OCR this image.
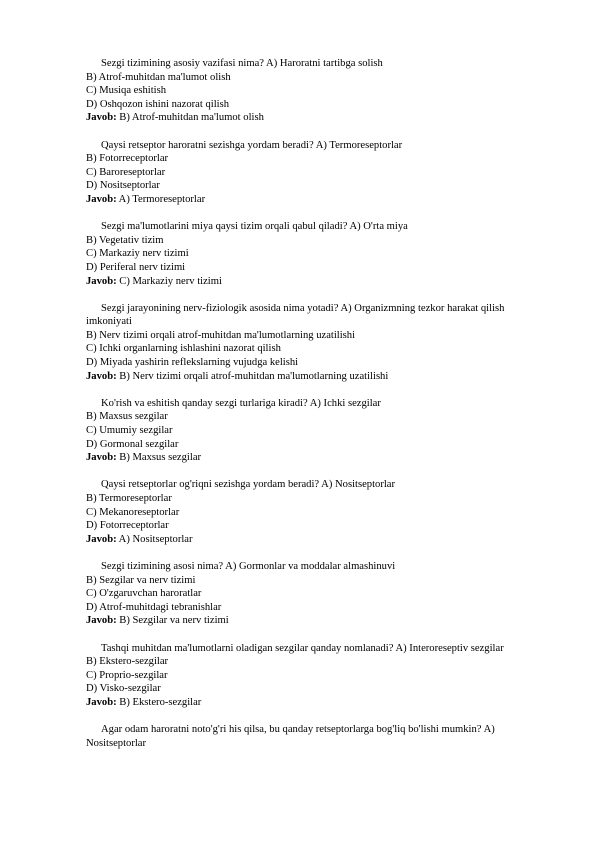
Sezgi tizimining asosiy vazifasi nima? A) Haroratni tartibga solish

B) Atrof-muhitdan ma'lumot olish

C) Musiqa eshitish

D) Oshqozon ishini nazorat qilish

Javob: B) Atrof-muhitdan ma'lumot olish

Qaysi retseptor haroratni sezishga yordam beradi? A) Termoreseptorlar

B) Fotorreceptorlar

C) Baroreseptorlar

D) Nositseptorlar

Javob: A) Termoreseptorlar

Sezgi ma'lumotlarini miya qaysi tizim orqali qabul qiladi? A) O'rta miya

B) Vegetativ tizim

C) Markaziy nerv tizimi

D) Periferal nerv tizimi

Javob: C) Markaziy nerv tizimi

Sezgi jarayonining nerv-fiziologik asosida nima yotadi? A) Organizmning tezkor harakat qilish imkoniyati

B) Nerv tizimi orqali atrof-muhitdan ma'lumotlarning uzatilishi

C) Ichki organlarning ishlashini nazorat qilish

D) Miyada yashirin reflekslarning vujudga kelishi

Javob: B) Nerv tizimi orqali atrof-muhitdan ma'lumotlarning uzatilishi

Ko'rish va eshitish qanday sezgi turlariga kiradi? A) Ichki sezgilar

B) Maxsus sezgilar

C) Umumiy sezgilar

D) Gormonal sezgilar

Javob: B) Maxsus sezgilar

Qaysi retseptorlar og'riqni sezishga yordam beradi? A) Nositseptorlar

B) Termoreseptorlar

C) Mekanoreseptorlar

D) Fotorreceptorlar

Javob: A) Nositseptorlar

Sezgi tizimining asosi nima? A) Gormonlar va moddalar almashinuvi

B) Sezgilar va nerv tizimi

C) O'zgaruvchan haroratlar

D) Atrof-muhitdagi tebranishlar

Javob: B) Sezgilar va nerv tizimi

Tashqi muhitdan ma'lumotlarni oladigan sezgilar qanday nomlanadi? A) Interoreseptiv sezgilar

B) Ekstero-sezgilar

C) Proprio-sezgilar

D) Visko-sezgilar

Javob: B) Ekstero-sezgilar

Agar odam haroratni noto'g'ri his qilsa, bu qanday retseptorlarga bog'liq bo'lishi mumkin? A) Nositseptorlar
